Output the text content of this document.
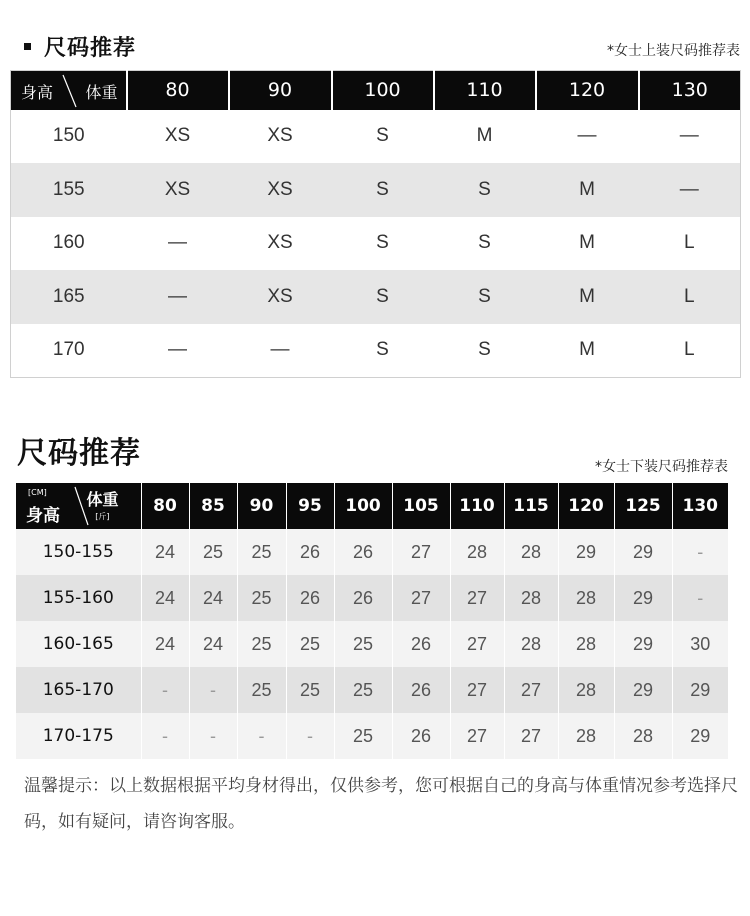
尺码推荐	*女士上装尺码推荐表
身高 体重	80	90	100	110	120	130
150	XS	XS	S	M	—	—
155	XS	XS	S	S	M	—
160	—	XS	S	S	M	L
165	—	XS	S	S	M	L
170	—	—	S	S	M	L
尺码推荐	*女士下装尺码推荐表
[CM]
身高
体重
[斤]	80	85	90	95	100	105	110	115	120	125	130
150-155	24	25	25	26	26	27	28	28	29	29	-
155-160	24	24	25	26	26	27	27	28	28	29	-
160-165	24	24	25	25	25	26	27	28	28	29	30
165-170	-	-	25	25	25	26	27	27	28	29	29
170-175	-	-	-	-	25	26	27	27	28	28	29
温馨提示：以上数据根据平均身材得出，仅供参考，您可根据自己的身高与体重情况参考选择尺码，如有疑问，请咨询客服。
